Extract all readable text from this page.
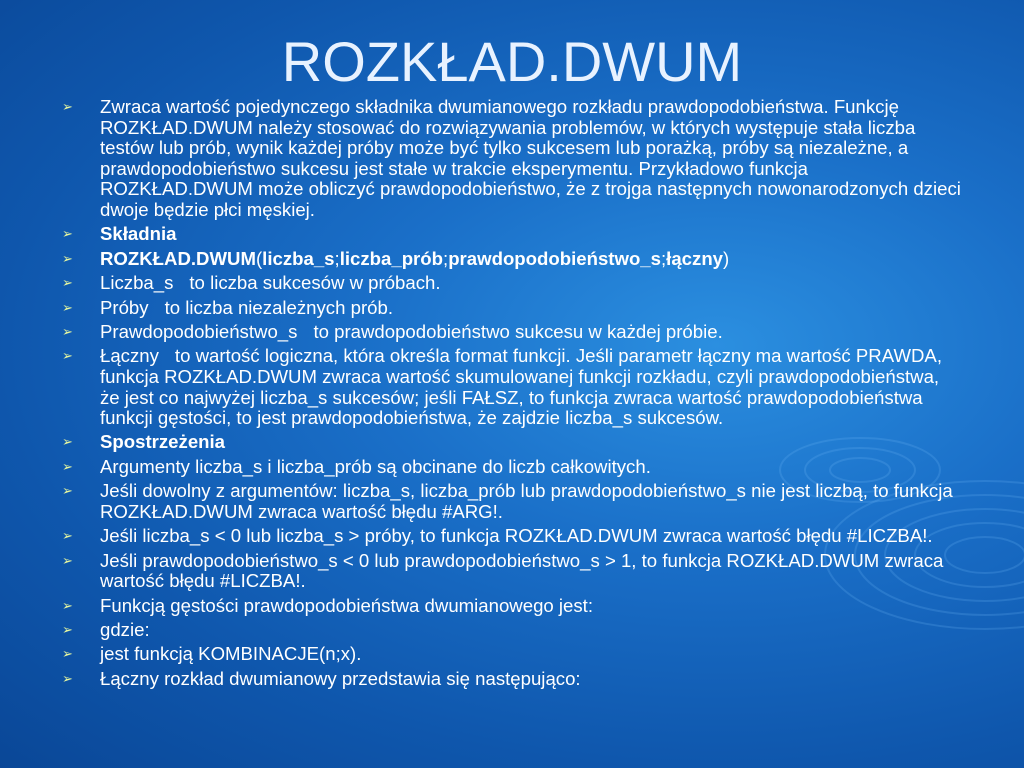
ROZKŁAD.DWUM
➢ Zwraca wartość pojedynczego składnika dwumianowego rozkładu prawdopodobieństwa. Funkcję ROZKŁAD.DWUM należy stosować do rozwiązywania problemów, w których występuje stała liczba testów lub prób, wynik każdej próby może być tylko sukcesem lub porażką, próby są niezależne, a prawdopodobieństwo sukcesu jest stałe w trakcie eksperymentu. Przykładowo funkcja ROZKŁAD.DWUM może obliczyć prawdopodobieństwo, że z trojga następnych nowonarodzonych dzieci dwoje będzie płci męskiej.
➢ Składnia
➢ ROZKŁAD.DWUM(liczba_s;liczba_prób;prawdopodobieństwo_s;łączny)
➢ Liczba_s to liczba sukcesów w próbach.
➢ Próby to liczba niezależnych prób.
➢ Prawdopodobieństwo_s to prawdopodobieństwo sukcesu w każdej próbie.
➢ Łączny to wartość logiczna, która określa format funkcji. Jeśli parametr łączny ma wartość PRAWDA, funkcja ROZKŁAD.DWUM zwraca wartość skumulowanej funkcji rozkładu, czyli prawdopodobieństwa, że jest co najwyżej liczba_s sukcesów; jeśli FAŁSZ, to funkcja zwraca wartość prawdopodobieństwa funkcji gęstości, to jest prawdopodobieństwa, że zajdzie liczba_s sukcesów.
➢ Spostrzeżenia
➢ Argumenty liczba_s i liczba_prób są obcinane do liczb całkowitych.
➢ Jeśli dowolny z argumentów: liczba_s, liczba_prób lub prawdopodobieństwo_s nie jest liczbą, to funkcja ROZKŁAD.DWUM zwraca wartość błędu #ARG!.
➢ Jeśli liczba_s < 0 lub liczba_s > próby, to funkcja ROZKŁAD.DWUM zwraca wartość błędu #LICZBA!.
➢ Jeśli prawdopodobieństwo_s < 0 lub prawdopodobieństwo_s > 1, to funkcja ROZKŁAD.DWUM zwraca wartość błędu #LICZBA!.
➢ Funkcją gęstości prawdopodobieństwa dwumianowego jest:
➢ gdzie:
➢ jest funkcją KOMBINACJE(n;x).
➢ Łączny rozkład dwumianowy przedstawia się następująco:
